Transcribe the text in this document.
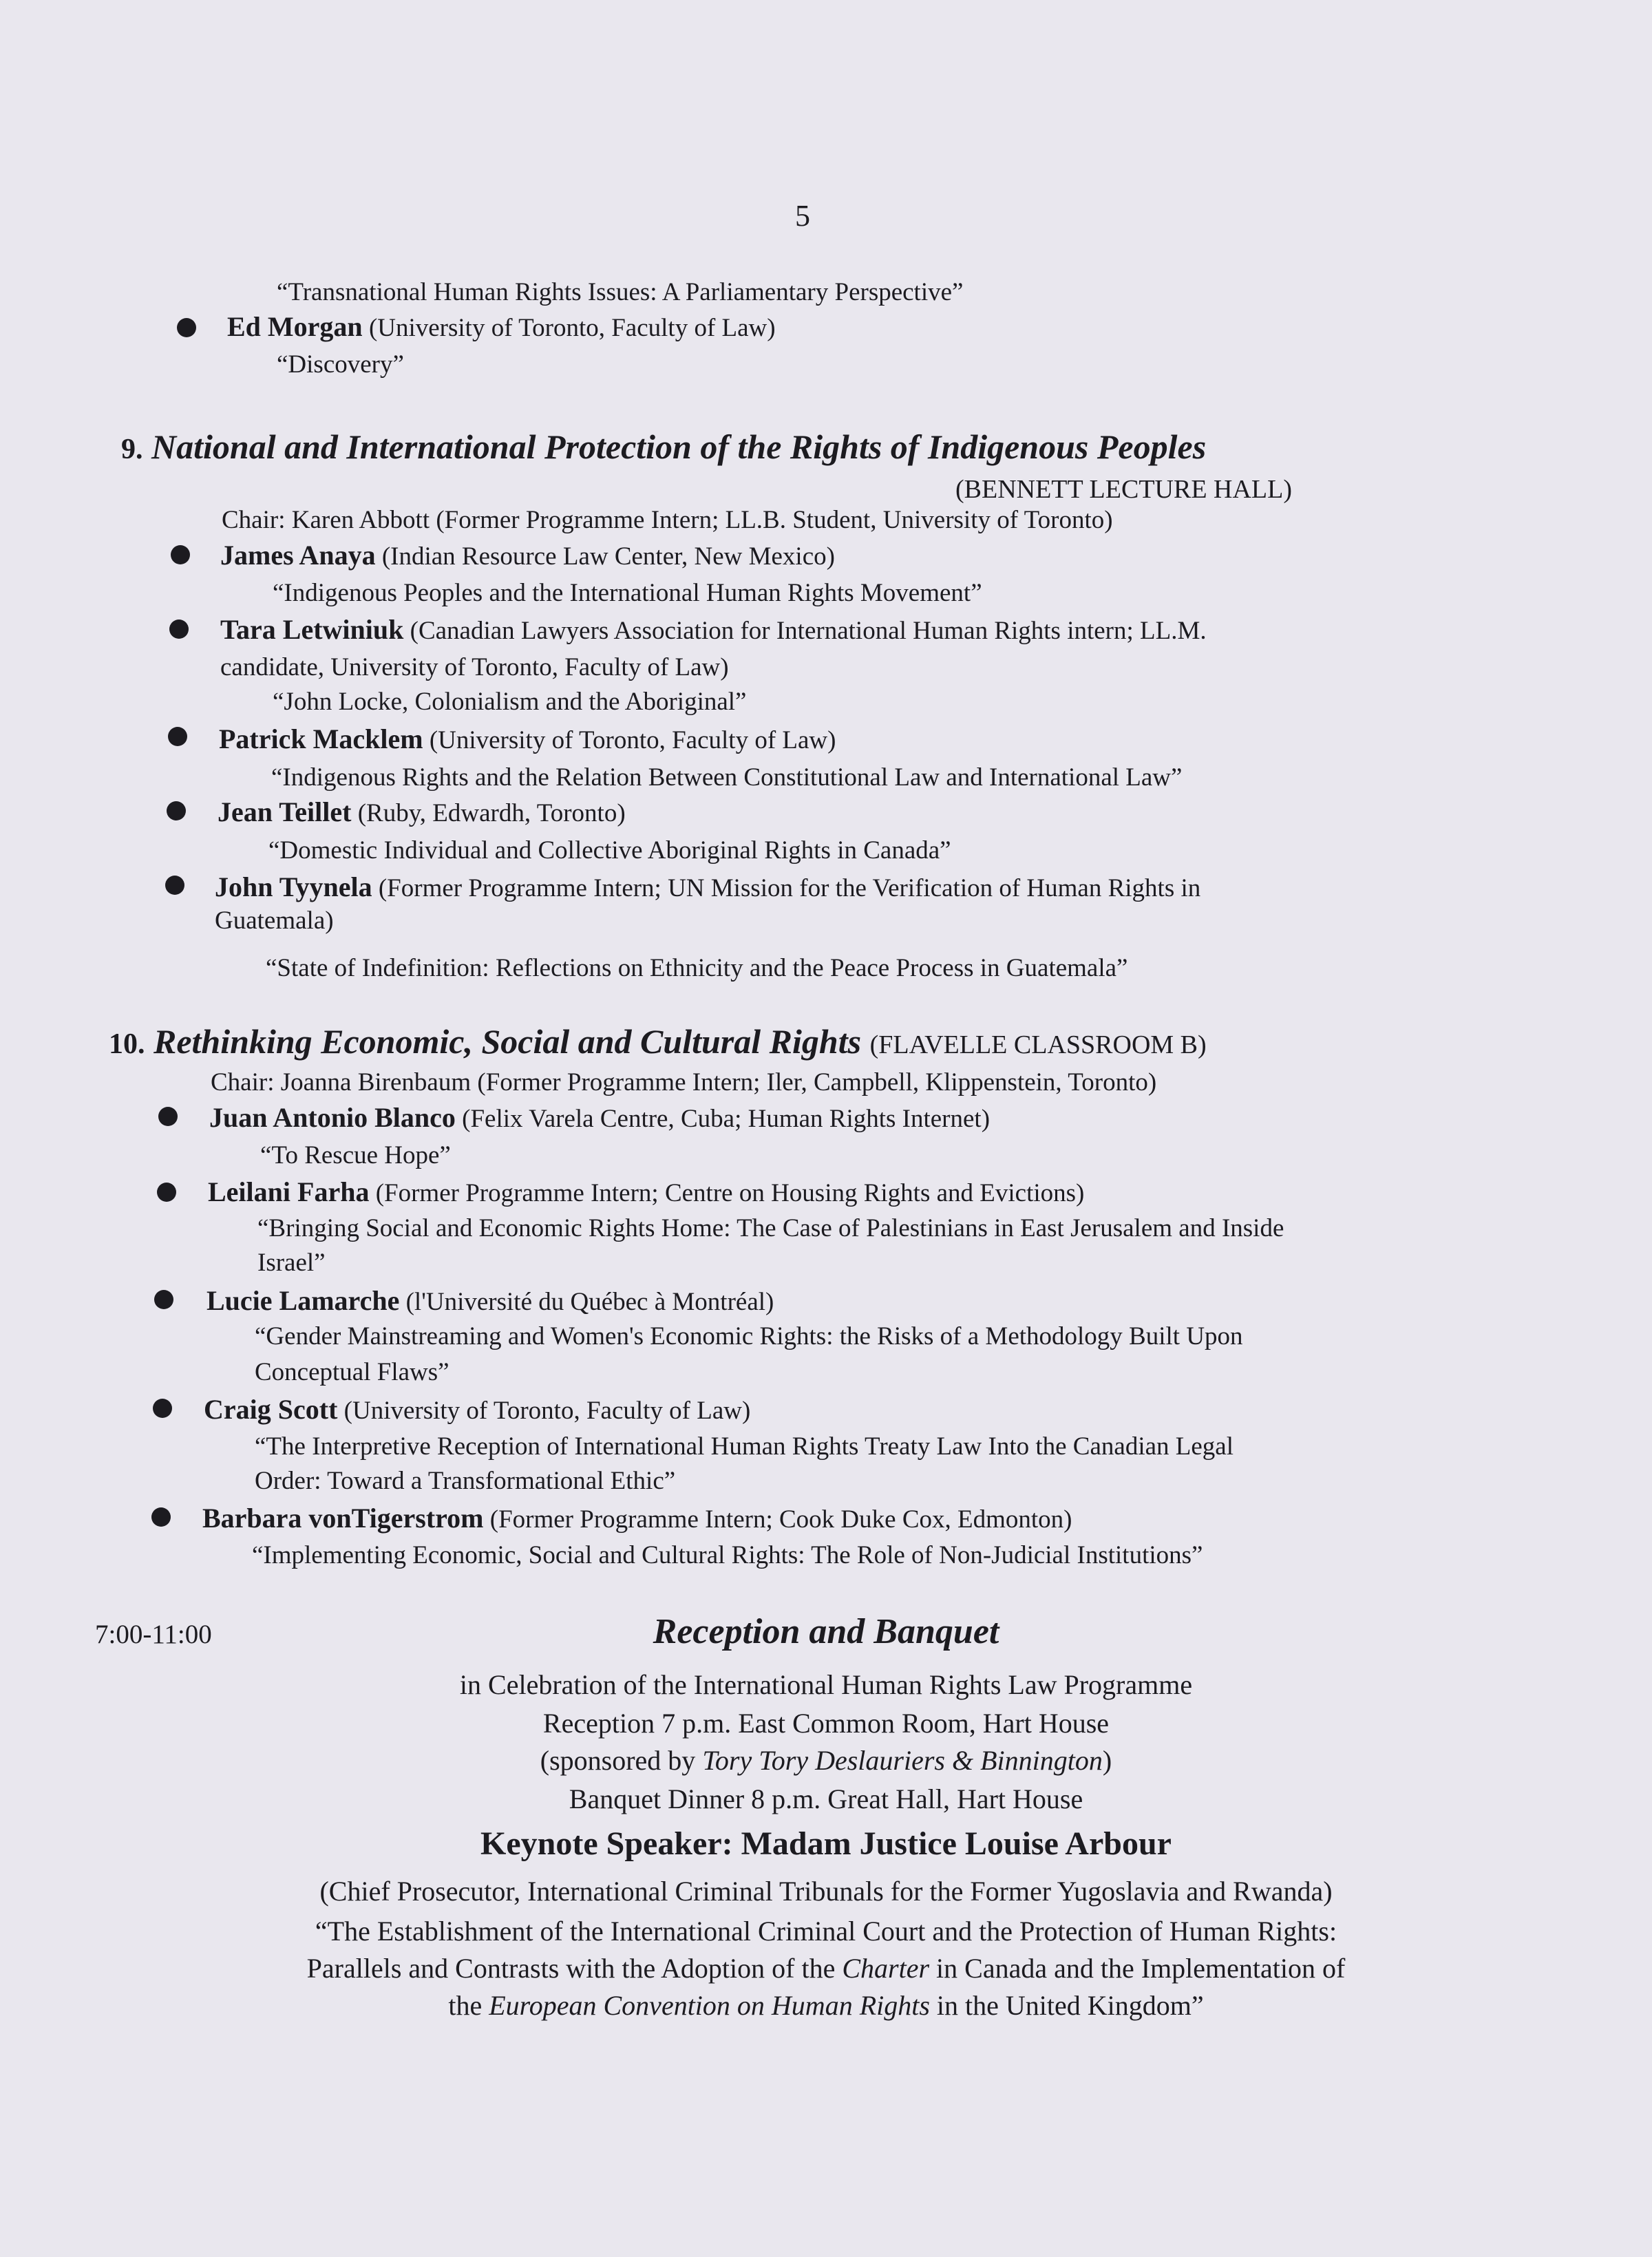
5
“Transnational Human Rights Issues: A Parliamentary Perspective”
Ed Morgan (University of Toronto, Faculty of Law)
“Discovery”
9. National and International Protection of the Rights of Indigenous Peoples
(BENNETT LECTURE HALL)
Chair: Karen Abbott (Former Programme Intern; LL.B. Student, University of Toronto)
James Anaya (Indian Resource Law Center, New Mexico)
“Indigenous Peoples and the International Human Rights Movement”
Tara Letwiniuk (Canadian Lawyers Association for International Human Rights intern; LL.M.
candidate, University of Toronto, Faculty of Law)
“John Locke, Colonialism and the Aboriginal”
Patrick Macklem (University of Toronto, Faculty of Law)
“Indigenous Rights and the Relation Between Constitutional Law and International Law”
Jean Teillet (Ruby, Edwardh, Toronto)
“Domestic Individual and Collective Aboriginal Rights in Canada”
John Tyynela (Former Programme Intern; UN Mission for the Verification of Human Rights in
Guatemala)
“State of Indefinition: Reflections on Ethnicity and the Peace Process in Guatemala”
10. Rethinking Economic, Social and Cultural Rights (FLAVELLE CLASSROOM B)
Chair: Joanna Birenbaum (Former Programme Intern; Iler, Campbell, Klippenstein, Toronto)
Juan Antonio Blanco (Felix Varela Centre, Cuba; Human Rights Internet)
“To Rescue Hope”
Leilani Farha (Former Programme Intern; Centre on Housing Rights and Evictions)
“Bringing Social and Economic Rights Home: The Case of Palestinians in East Jerusalem and Inside
Israel”
Lucie Lamarche (l'Université du Québec à Montréal)
“Gender Mainstreaming and Women's Economic Rights: the Risks of a Methodology Built Upon
Conceptual Flaws”
Craig Scott (University of Toronto, Faculty of Law)
“The Interpretive Reception of International Human Rights Treaty Law Into the Canadian Legal
Order: Toward a Transformational Ethic”
Barbara vonTigerstrom (Former Programme Intern; Cook Duke Cox, Edmonton)
“Implementing Economic, Social and Cultural Rights: The Role of Non-Judicial Institutions”
7:00-11:00	Reception and Banquet
in Celebration of the International Human Rights Law Programme
Reception 7 p.m. East Common Room, Hart House
(sponsored by Tory Tory Deslauriers & Binnington)
Banquet Dinner 8 p.m. Great Hall, Hart House
Keynote Speaker: Madam Justice Louise Arbour
(Chief Prosecutor, International Criminal Tribunals for the Former Yugoslavia and Rwanda)
“The Establishment of the International Criminal Court and the Protection of Human Rights:
Parallels and Contrasts with the Adoption of the Charter in Canada and the Implementation of
the European Convention on Human Rights in the United Kingdom”
